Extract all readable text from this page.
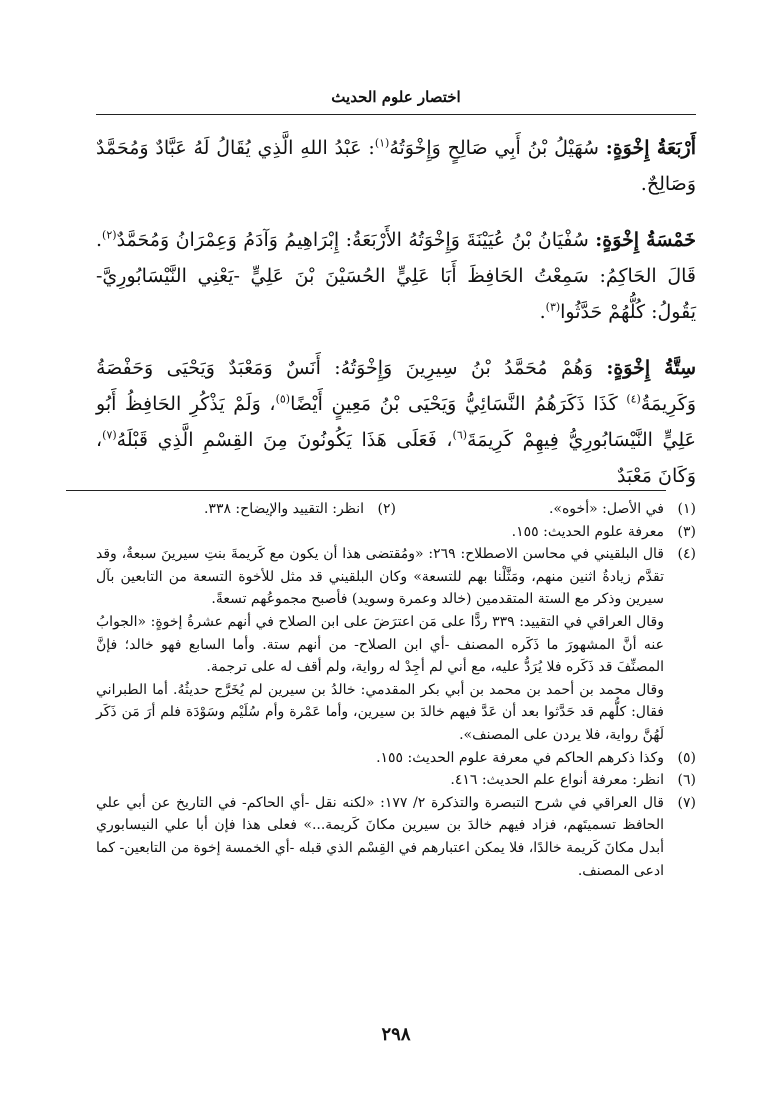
اختصار علوم الحديث

أَرْبَعَةُ إِخْوَةٍ: سُهَيْلُ بْنُ أَبِي صَالِحٍ وَإِخْوَتُهُ$^{(١)}$: عَبْدُ اللهِ الَّذِي يُقَالُ لَهُ عَبَّادٌ وَمُحَمَّدٌ وَصَالِحٌ.

خَمْسَةُ إِخْوَةٍ: سُفْيَانُ بْنُ عُيَيْنَةَ وَإِخْوَتُهُ الأَرْبَعَةُ: إِبْرَاهِيمُ وَآدَمُ وَعِمْرَانُ وَمُحَمَّدٌ$^{(٢)}$. قَالَ الحَاكِمُ: سَمِعْتُ الحَافِظَ أَبَا عَلِيٍّ الحُسَيْنَ بْنَ عَلِيٍّ -يَعْنِي النَّيْسَابُورِيَّ- يَقُولُ: كُلُّهُمْ حَدَّثُوا$^{(٣)}$.

سِتَّةُ إِخْوَةٍ: وَهُمْ مُحَمَّدُ بْنُ سِيرِينَ وَإِخْوَتُهُ: أَنَسٌ وَمَعْبَدٌ وَيَحْيَى وَحَفْصَةُ وَكَرِيمَةُ$^{(٤)}$ كَذَا ذَكَرَهُمُ النَّسَائِيُّ وَيَحْيَى بْنُ مَعِينٍ أَيْضًا$^{(٥)}$، وَلَمْ يَذْكُرِ الحَافِظُ أَبُو عَلِيٍّ النَّيْسَابُورِيُّ فِيهِمْ كَرِيمَةَ$^{(٦)}$، فَعَلَى هَذَا يَكُونُونَ مِنَ القِسْمِ الَّذِي قَبْلَهُ$^{(٧)}$، وَكَانَ مَعْبَدٌ

(١)
في الأصل: «أخوه».
(٢)
انظر: التقييد والإيضاح: ٣٣٨.
(٣)
معرفة علوم الحديث: ١٥٥.
(٤)
قال البلقيني في محاسن الاصطلاح: ٢٦٩: «ومُقتضى هذا أن يكون مع كَريمةَ بنتِ سيرينَ سبعةٌ، وقد تقدَّم زيادةُ اثنين منهم، ومَثَّلْنا بهم للتسعة» وكان البلقيني قد مثل للأخوة التسعة من التابعين بآل سيرين وذكر مع الستة المتقدمين (خالد وعمرة وسويد) فأصبح مجموعُهم تسعةً.
وقال العراقي في التقييد: ٣٣٩ ردًّا على مَن اعترَضَ على ابن الصلاح في أنهم عشرةُ إخوةٍ: «الجوابُ عنه أنَّ المشهورَ ما ذَكَره المصنف -أي ابن الصلاح- من أنهم ستة. وأما السابع فهو خالد؛ فإنَّ المصنِّفَ قد ذَكَره فلا يُرَدُّ عليه، مع أني لم أجِدْ له رواية، ولم أقف له على ترجمة.
وقال محمد بن أحمد بن محمد بن أبي بكر المقدمي: خالدُ بن سيرين لم يُخَرَّج حديثُهُ. أما الطبراني فقال: كلُّهم قد حَدَّثوا بعد أن عَدَّ فيهم خالدَ بن سيرين، وأما عَمْرة وأم سُلَيْم وسَوْدَة فلم أرَ مَن ذَكَر لَهُنَّ رواية، فلا يردن على المصنف».
(٥)
وكذا ذكرهم الحاكم في معرفة علوم الحديث: ١٥٥.
(٦)
انظر: معرفة أنواع علم الحديث: ٤١٦.
(٧)
قال العراقي في شرح التبصرة والتذكرة ٢/ ١٧٧: «لكنه نقل -أي الحاكم- في التاريخ عن أبي علي الحافظ تسميتَهم، فزاد فيهم خالدَ بن سيرين مكانَ كَريمة...» فعلى هذا فإن أبا علي النيسابوري أبدل مكانَ كَريمة خالدًا، فلا يمكن اعتبارهم في القِسْم الذي قبله -أي الخمسة إخوة من التابعين- كما ادعى المصنف.
٢٩٨
